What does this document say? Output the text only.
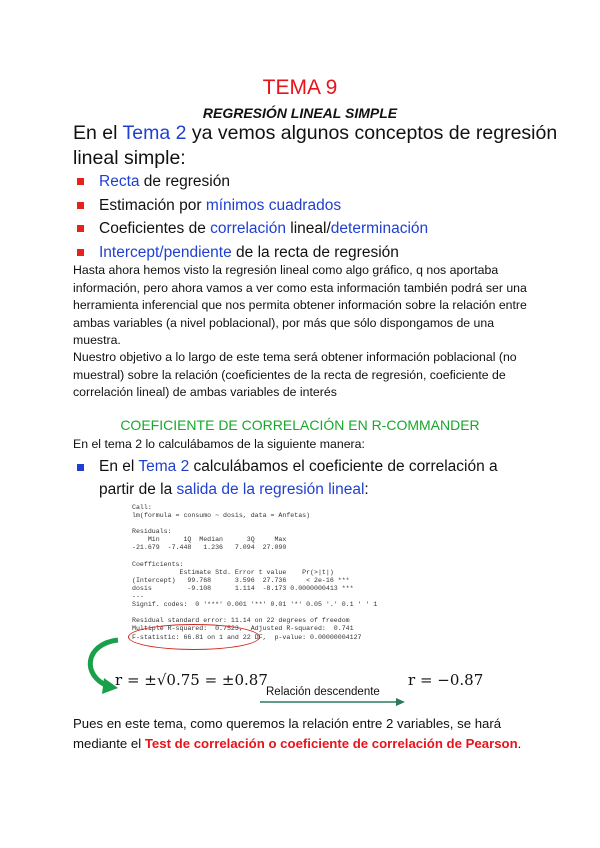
TEMA 9
REGRESIÓN LINEAL SIMPLE
En el Tema 2 ya vemos algunos conceptos de regresión lineal simple:
Recta de regresión
Estimación por mínimos cuadrados
Coeficientes de correlación lineal/determinación
Intercept/pendiente de la recta de regresión
Hasta ahora hemos visto la regresión lineal como algo gráfico, q nos aportaba información, pero ahora vamos a ver como esta información también podrá ser una herramienta inferencial que nos permita obtener información sobre la relación entre ambas variables (a nivel poblacional), por más que sólo dispongamos de una muestra.
Nuestro objetivo a lo largo de este tema será obtener información poblacional (no muestral) sobre la relación (coeficientes de la recta de regresión, coeficiente de correlación lineal) de ambas variables de interés
COEFICIENTE DE CORRELACIÓN EN R-COMMANDER
En el tema 2 lo calculábamos de la siguiente manera:
En el Tema 2 calculábamos el coeficiente de correlación a partir de la salida de la regresión lineal:
Call:
lm(formula = consumo ~ dosis, data = Anfetas)

Residuals:
Min      1Q  Median      3Q     Max
-21.679  -7.448   1.236   7.094  27.090

Coefficients:
Estimate Std. Error t value    Pr(>|t|)
(Intercept)   99.768      3.596  27.736     < 2e-16 ***
dosis         -9.108      1.114  -8.173 0.0000000413 ***
---
Signif. codes:  0 '***' 0.001 '**' 0.01 '*' 0.05 '.' 0.1 ' ' 1

Residual standard error: 11.14 on 22 degrees of freedom
Multiple R-squared:  0.7523,  Adjusted R-squared:  0.741
F-statistic: 66.81 on 1 and 22 DF,  p-value: 0.00000004127
r = ±√0.75 = ±0.87	r = −0.87
Relación descendente
Pues en este tema, como queremos la relación entre 2 variables, se hará mediante el Test de correlación o coeficiente de correlación de Pearson.
